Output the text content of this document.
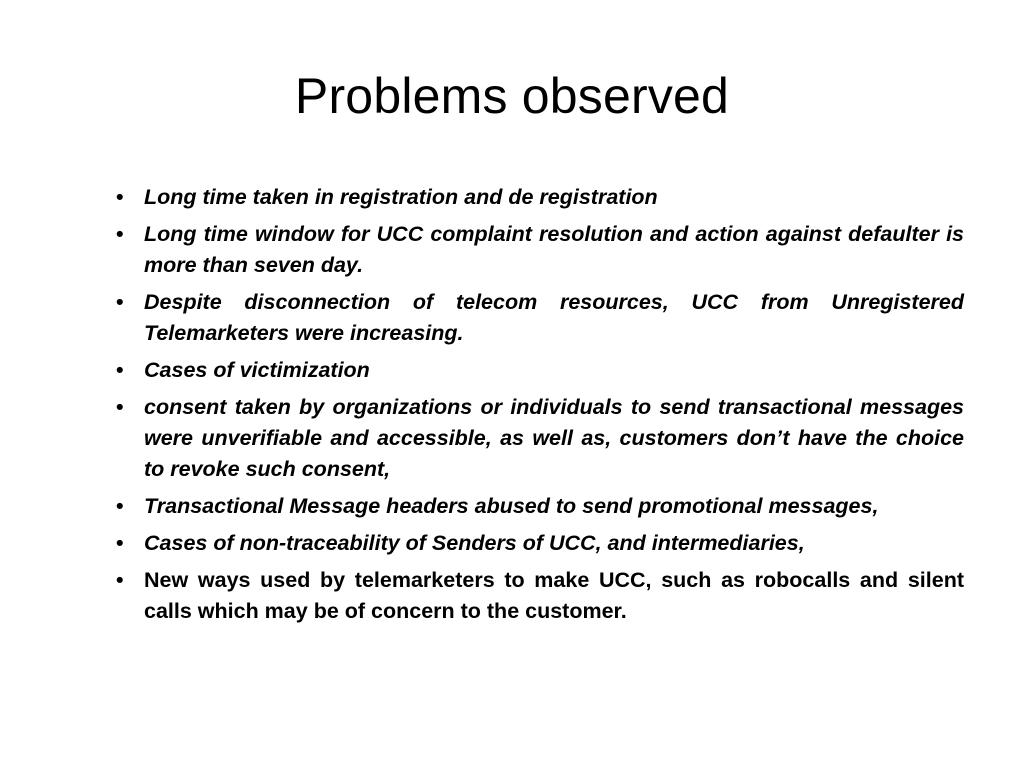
Problems observed
• Long time taken in registration and de registration
• Long time window for UCC complaint resolution and action against defaulter is more than seven day.
• Despite disconnection of telecom resources, UCC from Unregistered Telemarketers were increasing.
• Cases of victimization
• consent taken by organizations or individuals to send transactional messages were unverifiable and accessible, as well as, customers don’t have the choice to revoke such consent,
• Transactional Message headers abused to send promotional messages,
• Cases of non-traceability of Senders of UCC, and intermediaries,
• New ways used by telemarketers to make UCC, such as robocalls and silent calls which may be of concern to the customer.
